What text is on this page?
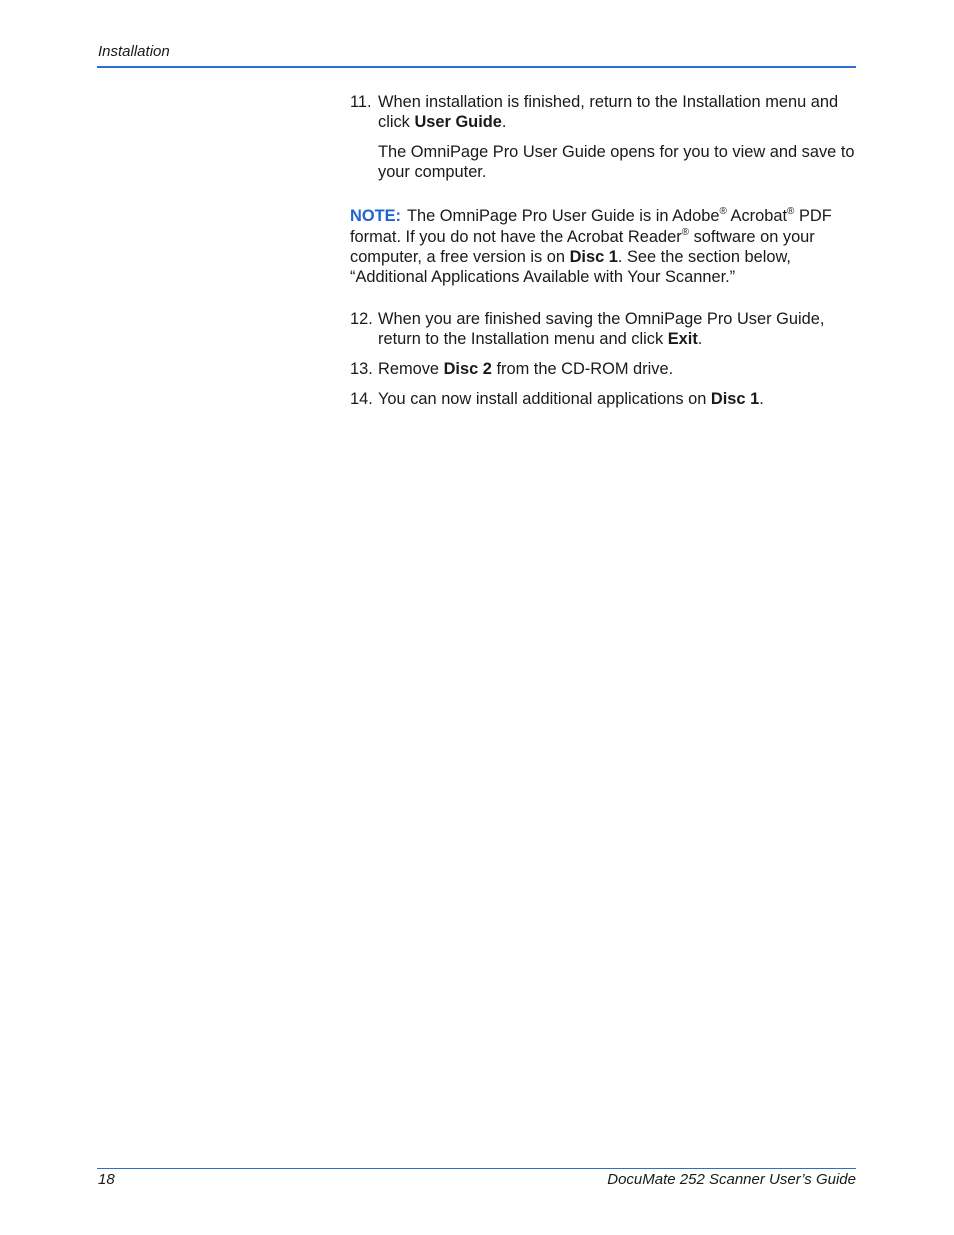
Installation
11. When installation is finished, return to the Installation menu and click User Guide.

The OmniPage Pro User Guide opens for you to view and save to your computer.

NOTE: The OmniPage Pro User Guide is in Adobe® Acrobat® PDF format. If you do not have the Acrobat Reader® software on your computer, a free version is on Disc 1. See the section below, “Additional Applications Available with Your Scanner.”

12. When you are finished saving the OmniPage Pro User Guide, return to the Installation menu and click Exit.
13. Remove Disc 2 from the CD-ROM drive.
14. You can now install additional applications on Disc 1.
18	DocuMate 252 Scanner User’s Guide
